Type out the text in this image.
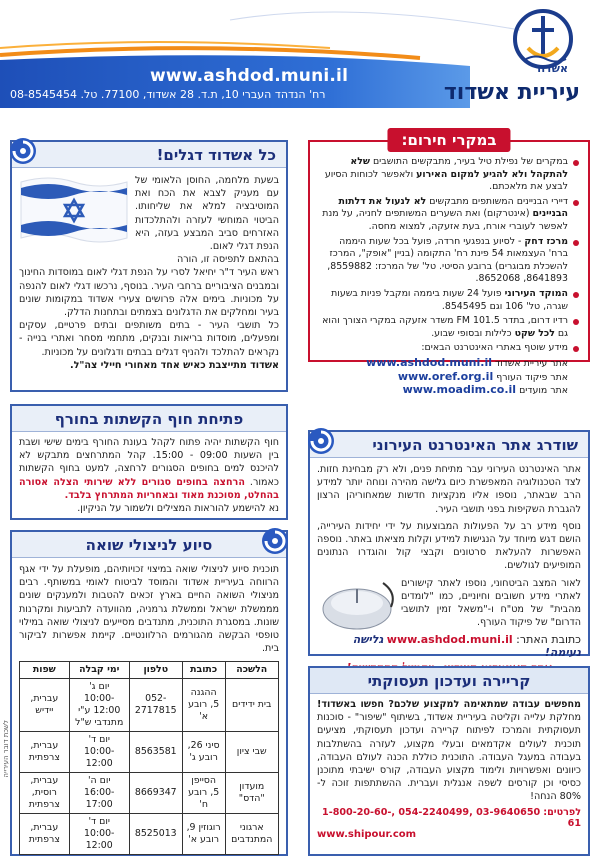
אשדוד
עיריית אשדוד
www.ashdod.muni.il
רח' הנדהד העברי 10, ת.ד. 28 אשדוד, 77100. טל. 08-8545454
במקרי חירום:
במקרים של נפילת טיל בעיר, מתבקשים התושבים שלא להתקהל ולא להגיע למקום האירוע ולאפשר לכוחות הסיוע לבצע את מלאכתם.
דיירי הבניינים המשותפים מתבקשים לא לנעול את דלתות הבניינים (אינטרקום) ואת השערים המשותפים לחניה, על מנת לאפשר לעוברי אורח, בעת אזעקה, למצוא מחסה.
מרכז דחק - לסיוע בנפגעי חרדה, פועל בכל שעות היממה ברח' העצמאות 54 פינת רח' התקומה (בניין "אופק", המרכז להשכלת מבוגרים) ברובע הסיטי. טל' של המרכז: 8559882, 8641893, 8652068.
המוקד העירוני פועל 24 שעות ביממה ומקבל פניות בשעות שגרה, טל' 106 וגם 8545495.
רדיו דרום, בתדר 101.5 FM משדר אזעקה במקרי הצורך והוא גם לכל שקט כלילות ובסופי שבוע.
מידע שוטף באתרי האינטרנט הבאים:
אתר עיריית אשדוד www.ashdod.muni.il
אתר פיקוד העורף www.oref.org.il
אתר מועדים www.moadim.co.il
כל אשדוד דגלים!

בשעת מלחמה, החוסן הלאומי של עם מעניק לצבא את הכח ואת המוטיבציה למלא את שליחותו. הביטוי המוחשי לעזרה ולהתלכדות האזרחים סביב המבצע בעזה, היא הנפת דגלי לאום.

בהתאם לתפיסה זו, הורה

ראש העיר ד"ר יחיאל לסרי על הנפת דגלי לאום במוסדות החינוך ובמבנים הציבוריים ברחבי העיר. בנוסף, נרכשו דגלי לאום להנפה על מכוניות. בימים אלה פרושים צעירי אשדוד במקומות שונים בעיר ומחלקים את הדגלונים בצמתים ובתחנות הדלק.

כל תושבי העיר - בתים משותפים ובתים פרטיים, עסקים ומפעלים, מוסדות בריאות ובנקים, מתחמי מסחר ואתרי בנייה - נקראים להתלכד ולהניף דגלים בבתים ודגלונים על מכוניות.

אשדוד מתייצבת כאיש אחד מאחורי חיילי צה"ל.

פתיחת חוף הקשתות בחורף

חוף הקשתות יהיה פתוח לקהל בעונת החורף בימים שישי ושבת בין השעות 09:00 - 15:00. קהל המתרחצים מתבקש לא להיכנס למים בחופים הסגורים לרחצה, למעט בחוף הקשתות כאמור. הרחצה בחופים סגורים ללא שירותי הצלה אסורה בהחלט, מסוכנת מאוד ובאחריות המתרחץ בלבד.

נא להישמע להוראות המצילים ולשמור על הניקיון.

סיוע לניצולי שואה

תוכנית סיוע לניצולי שואה במיצוי זכויותיהם, מופעלת על ידי אגף הרווחה בעיריית אשדוד והמוסד לביטוח לאומי במשותף. רבים מניצולי השואה החיים בארץ זכאים להטבות ולמענקים שונים מממשלת ישראל וממשלת גרמניה, מהוועדה לתביעות ומקרנות שונות. במסגרת התוכנית, מתנדבים מסייעים לניצולי שואה במילוי טופסי הבקשה מהגורמים הרלוונטיים. קיימת אפשרות לביקור בית.

הלשכה	כתובת	טלפון	ימי קבלה	שפות
בית ידידים	ההגנה 5, רובע א'	052-2717815	יום ג' 10:00-12:00 ע"י מתנדבי ש"ל	עברית, יידיש
שבי ציון	סיני 26, רובע ג'	8563581	יום ד' 10:00-12:00	עברית, צרפתית
מועדון "הדס"	הסייפן 5, רובע ח'	8669347	יום ה' 16:00-17:00	עברית, רוסית, צרפתית
ארגוני המתנדבים	רוגוזין 9, רובע א'	8525013	יום ד' 10:00-12:00	עברית, צרפתית
שודרג אתר האינטרנט העירוני

אתר האינטרנט העירוני עבר מתיחת פנים, ולא רק מבחינת חזות. לצד הטכנולוגיה המאפשרת כיום גלישה מהירה ונוחה יותר למידע הרב שבאתר, נוספו אליו מנקציות חדשות שמאחוריהן הרצון להגברת השקיפות בפני תושבי העיר.

נוסף מידע רב על הפעולות המבוצעות על ידי יחידות העירייה, הושם דגש מיוחד על הנגישות למידע וקלות מציאתו באתר. נוספה האפשרות להעלאת סרטונים וקבצי קול והוגדרו הנתונים המופיעים לגולשים.

לאור המצב הביטחוני, נוספו לאתר קישורים לאתרי מידע חשובים וחיוניים, כמו "לומדים מהבית" של מט"ח ו-"משאל זמין לתושבי הדרום" של פיקוד העורף.

כתובת האתר: www.ashdod.muni.il גלישה נעימה!
קריירה ועדכון תעסוקתי

מחפשים עבודה שמתאימה למקצוע שלכם? חפשו באשדוד! מחלקת עלייה וקליטה בעיריית אשדוד, בשיתוף "שיפור" - סוכנות תעסוקתית והמרכז לפיתוח קריירה ועדכון תעסוקתי, מציעים תוכנית לעולים אקדמאים ובעלי מקצוע, לעזרה בהשתלבות בעבודה במעגל העבודה. התוכנית כוללת הכנה לעולם העבודה, כיוונים ואפשרויות ולימוד מקצוע העבודה, קורס ישיבתי מתוכנן כסיסי וכן קורסים לשפה אנגלית ועברית. ההשתתפות זוכה ל- 80% הנחה!

לפרטים: 03-9640650 ,054-2240499 ,1-800-20-60-61
www.shipour.com
לשכת דובר העירייה
